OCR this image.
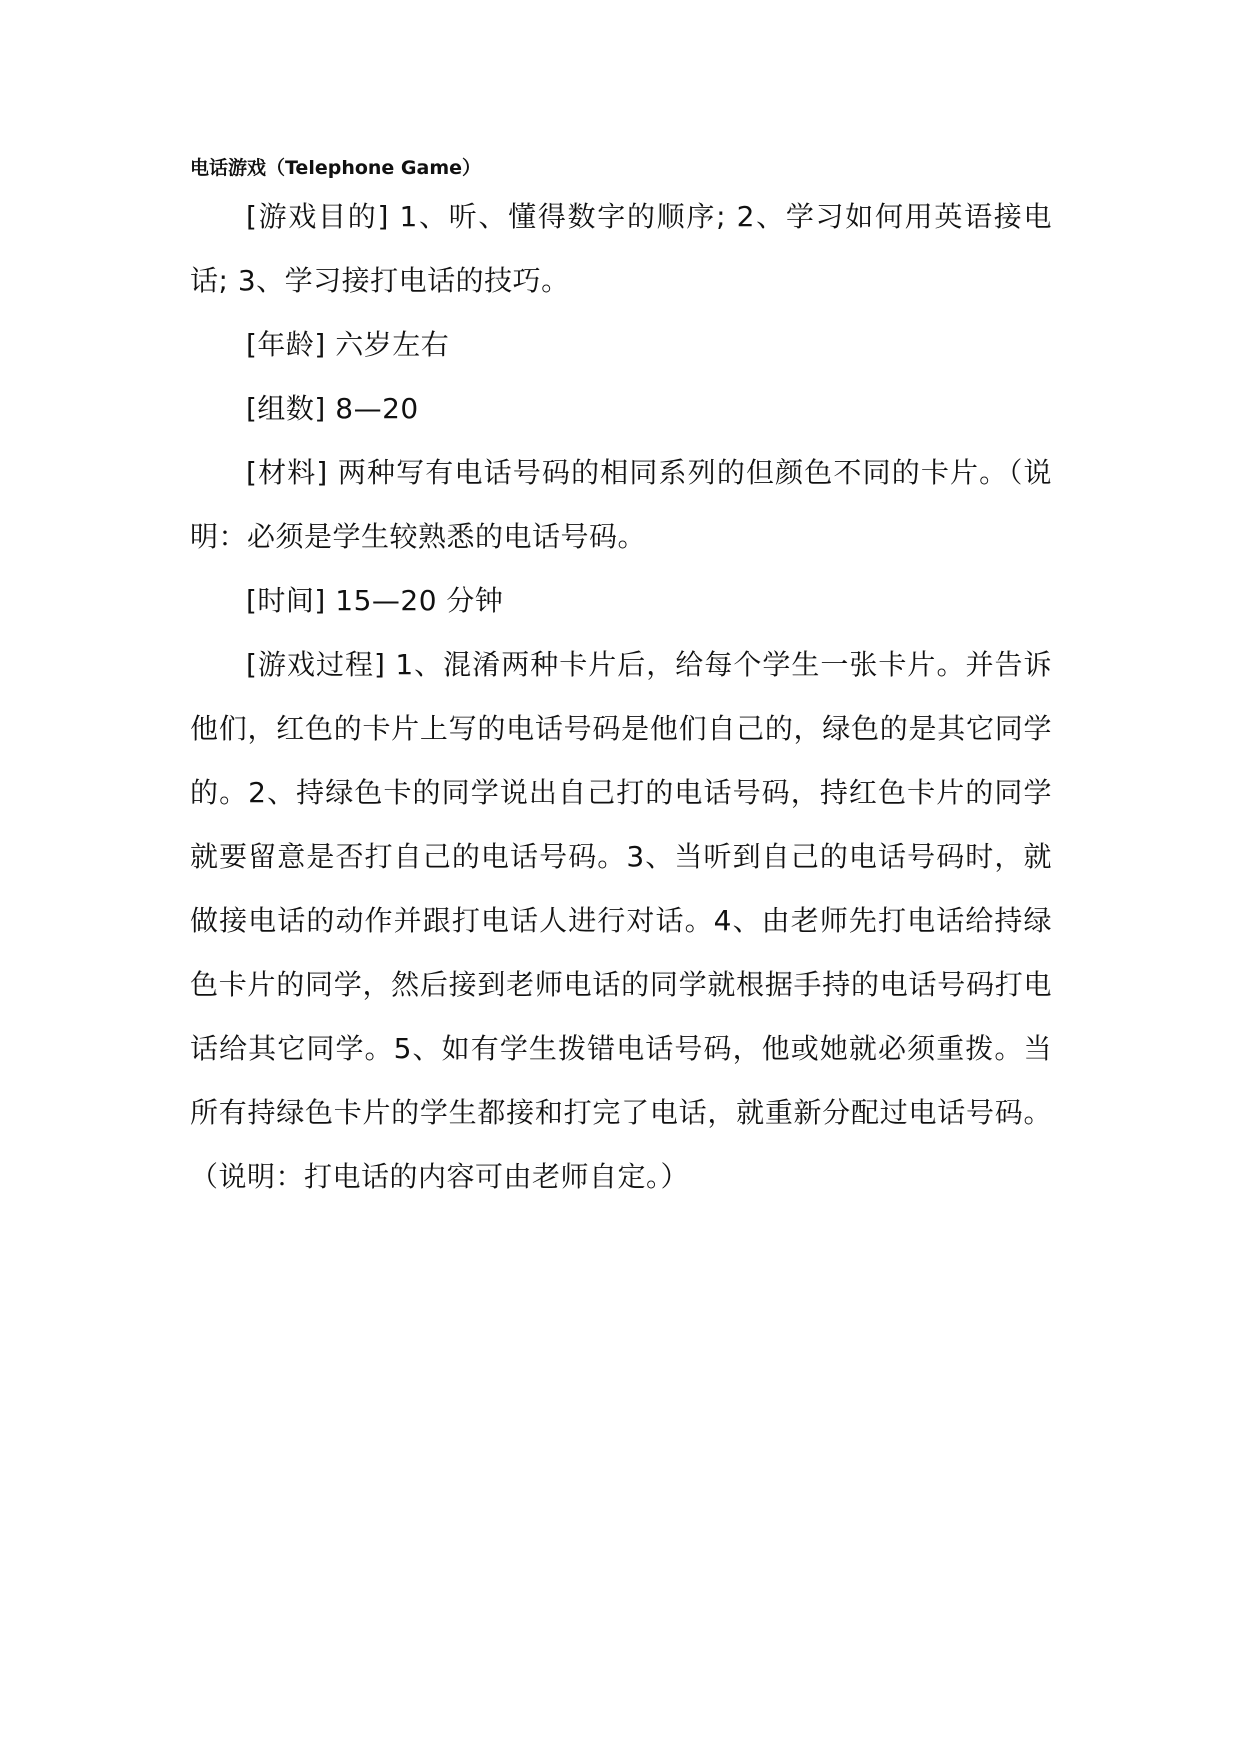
电话游戏（Telephone Game）

[游戏目的] 1、听、懂得数字的顺序; 2、学习如何用英语接电话; 3、学习接打电话的技巧。

[年龄] 六岁左右

[组数] 8—20

[材料] 两种写有电话号码的相同系列的但颜色不同的卡片。（说明：必须是学生较熟悉的电话号码。

[时间] 15—20 分钟

[游戏过程] 1、混淆两种卡片后，给每个学生一张卡片。并告诉他们，红色的卡片上写的电话号码是他们自己的，绿色的是其它同学的。2、持绿色卡的同学说出自己打的电话号码，持红色卡片的同学就要留意是否打自己的电话号码。3、当听到自己的电话号码时，就做接电话的动作并跟打电话人进行对话。4、由老师先打电话给持绿色卡片的同学，然后接到老师电话的同学就根据手持的电话号码打电话给其它同学。5、如有学生拨错电话号码，他或她就必须重拨。当所有持绿色卡片的学生都接和打完了电话，就重新分配过电话号码。（说明：打电话的内容可由老师自定。）
